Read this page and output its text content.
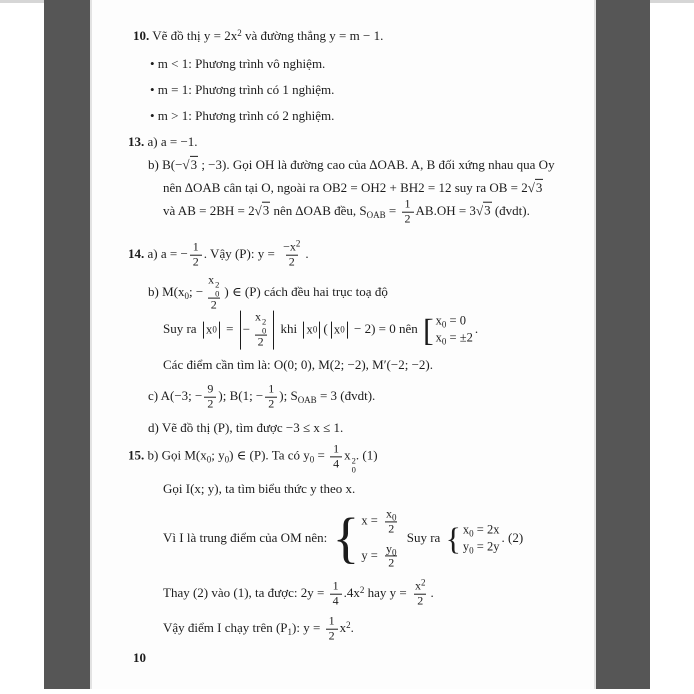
10. Vẽ đồ thị $y = 2x^2$ và đường thẳng y = m − 1.
• m < 1: Phương trình vô nghiệm.
• m = 1: Phương trình có 1 nghiệm.
• m > 1: Phương trình có 2 nghiệm.
13. a) a = −1.
b) B(−√3 ; −3). Gọi OH là đường cao của ∆OAB. A, B đối xứng nhau qua Oy
nên ∆OAB cân tại O, ngoài ra OB2 = OH2 + BH2 = 12 suy ra OB = 2√3
và AB = 2BH = 2√3 nên ∆OAB đều, $S_{OAB} = \frac{1}{2} AB.OH = 3√3$ (đvdt).
14. a) a = − $\frac{1}{2}$ . Vậy (P): $y = \frac{-x^2}{2}$ .
b) $M(x_0$; − x 2
0
2 ) ∈ (P) cách đều hai trục toạ độ
Suy ra x 0 = − x 2
0
2 khi x 0 ( x 0 − 2) = 0 nên [ $x_0 = 0$
$x_0 = \pm 2$
.
Các điểm cần tìm là: O(0; 0), M(2; −2), M′(−2; −2).
c) A(−3; − $\frac{9}{2}$ ); B(1; − $\frac{1}{2}$ ); $S_{OAB} = 3$ (đvdt).
d) Vẽ đồ thị (P), tìm được −3 ≤ x ≤ 1.
15. b) Gọi $M(x_0$; $y_0$) ∈ (P). Ta có $y_0 = \frac{1}{4}$ x 2
0
. (1)
Gọi I(x; y), ta tìm biểu thức y theo x.
Vì I là trung điểm của OM nên: { $x = \frac{x_0}{2}$
$y = \frac{y_0}{2}$
Suy ra { $x_0 = 2x$
$y_0 = 2y$
. (2)
Thay (2) vào (1), ta được: $2y = \frac{1}{4} .4x^2$ hay $y = \frac{x^2}{2}$ .
Vậy điểm I chạy trên $(P_1)$: $y = \frac{1}{2} x^2$.
10
